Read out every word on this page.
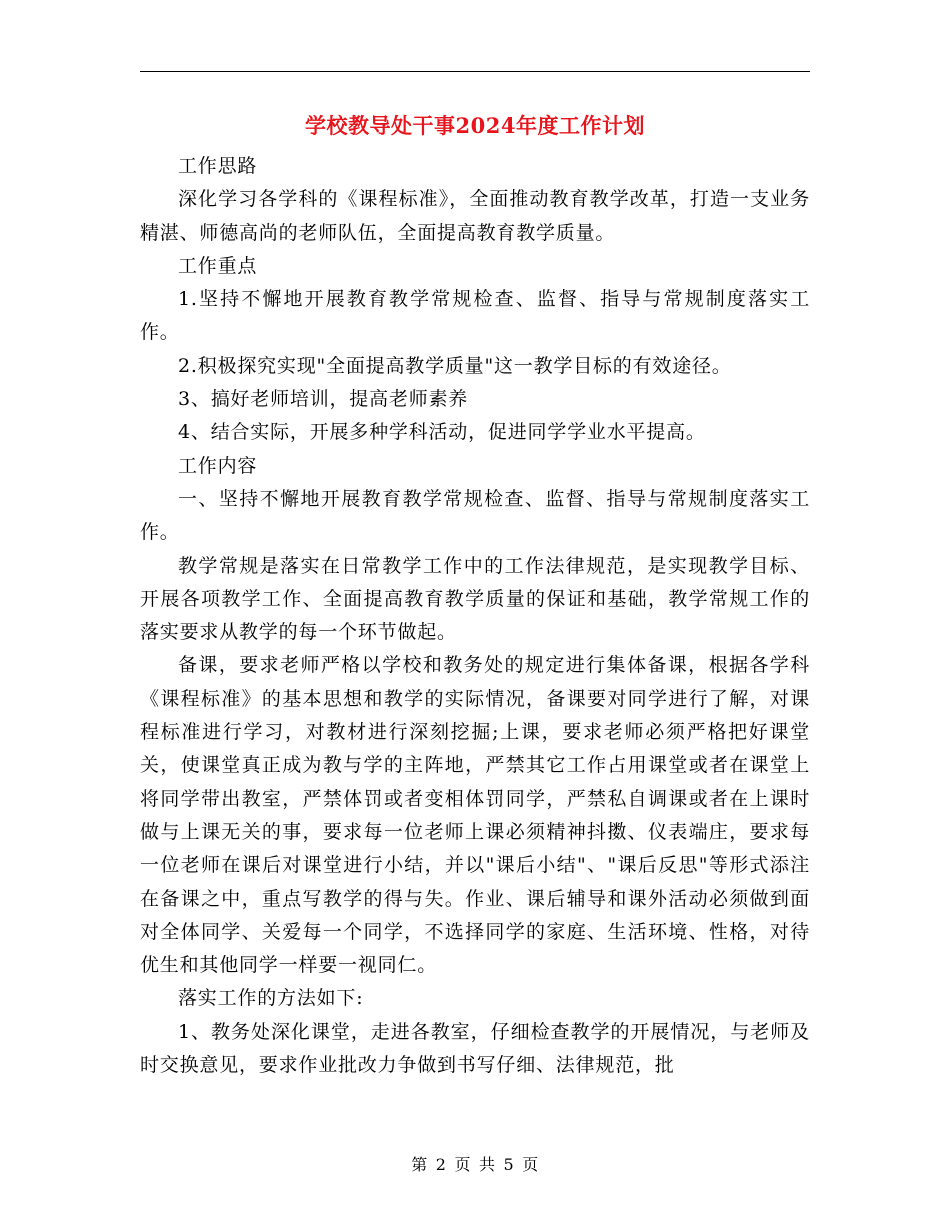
学校教导处干事2024年度工作计划

工作思路

深化学习各学科的《课程标准》，全面推动教育教学改革，打造一支业务精湛、师德高尚的老师队伍，全面提高教育教学质量。

工作重点

1.坚持不懈地开展教育教学常规检查、监督、指导与常规制度落实工作。

2.积极探究实现"全面提高教学质量"这一教学目标的有效途径。

3、搞好老师培训，提高老师素养

4、结合实际，开展多种学科活动，促进同学学业水平提高。

工作内容

一、坚持不懈地开展教育教学常规检查、监督、指导与常规制度落实工作。

教学常规是落实在日常教学工作中的工作法律规范，是实现教学目标、开展各项教学工作、全面提高教育教学质量的保证和基础，教学常规工作的落实要求从教学的每一个环节做起。

备课，要求老师严格以学校和教务处的规定进行集体备课，根据各学科《课程标准》的基本思想和教学的实际情况，备课要对同学进行了解，对课程标准进行学习，对教材进行深刻挖掘;上课，要求老师必须严格把好课堂关，使课堂真正成为教与学的主阵地，严禁其它工作占用课堂或者在课堂上将同学带出教室，严禁体罚或者变相体罚同学，严禁私自调课或者在上课时做与上课无关的事，要求每一位老师上课必须精神抖擞、仪表端庄，要求每一位老师在课后对课堂进行小结，并以"课后小结"、"课后反思"等形式添注在备课之中，重点写教学的得与失。作业、课后辅导和课外活动必须做到面对全体同学、关爱每一个同学，不选择同学的家庭、生活环境、性格，对待优生和其他同学一样要一视同仁。

落实工作的方法如下:

1、教务处深化课堂，走进各教室，仔细检查教学的开展情况，与老师及时交换意见，要求作业批改力争做到书写仔细、法律规范，批

第 2 页 共 5 页
